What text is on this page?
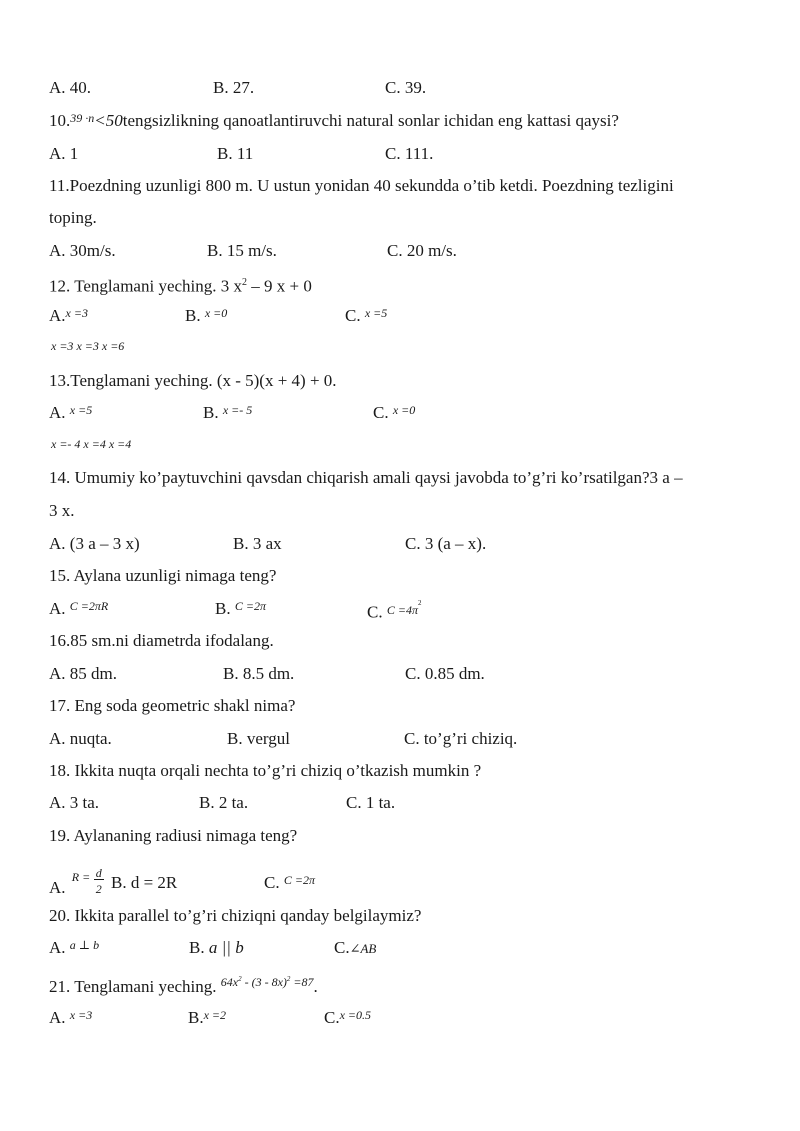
A. 40.	B. 27.	C. 39.
10.$^{39 \cdot n}$<50tengsizlikning qanoatlantiruvchi natural sonlar ichidan eng kattasi qaysi?
A. 1	B. 11	C. 111.
11.Poezdning uzunligi 800 m. U ustun yonidan 40 sekundda o’tib ketdi. Poezdning tezligini
toping.
A. 30m/s.	B. 15 m/s.	C. 20 m/s.
12. Tenglamani yeching. 3 $x^2 - 9$ x + 0
A.$^{x =3}$	B. $^{x =0}$	C. $^{x =5}$
x =3 x =3 x =6
13.Tenglamani yeching. (x - 5)(x + 4) + 0.
A. $^{x =5}$	B. $^{x =- 5}$	C. $^{x =0}$
x =- 4 x =4 x =4
14. Umumiy ko’paytuvchini qavsdan chiqarish amali qaysi javobda to’g’ri ko’rsatilgan?3 a –
3 x.
A. (3 a – 3 x)	B. 3 ax	C. 3 (a – x).
15. Aylana uzunligi nimaga teng?
A. $^{C =2\pi R}$	B. $^{C =2\pi}$	C. $^{C =4\pi 2}$
16.85 sm.ni diametrda ifodalang.
A. 85 dm.	B. 8.5 dm.	C. 0.85 dm.
17. Eng soda geometric shakl nima?
A. nuqta.	B. vergul	C. to’g’ri chiziq.
18. Ikkita nuqta orqali nechta to’g’ri chiziq o’tkazish mumkin ?
A. 3 ta.	B. 2 ta.	C. 1 ta.
19. Aylananing radiusi nimaga teng?
A.
R = d
2 B. d = 2R	C. $^{C =2\pi}$
20. Ikkita parallel to’g’ri chiziqni qanday belgilaymiz?
A. $^{a \perp b}$	B. a || b	C.∠AB
21. Tenglamani yeching. $^{64x^2 - (3 - 8x)^2 =87}$.
A. $^{x =3}$	B.$^{x =2}$	C.$^{x =0.5}$
